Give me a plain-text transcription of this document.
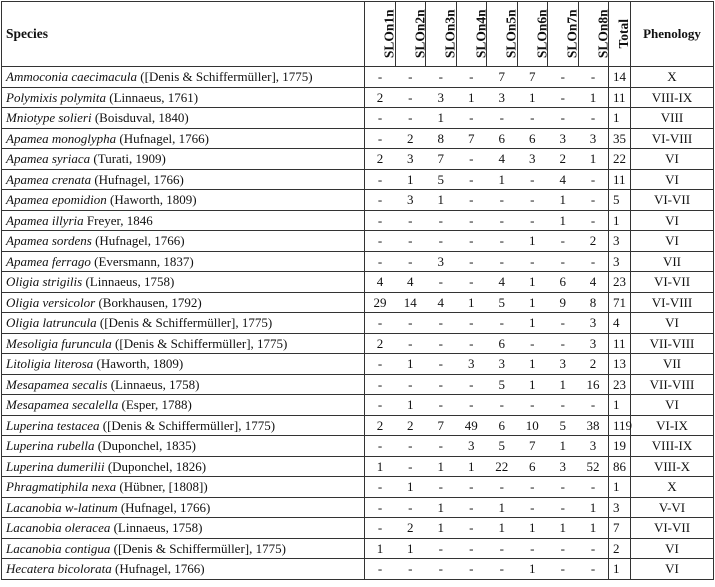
Species	SLOn1n	SLOn2n	SLOn3n	SLOn4n	SLOn5n	SLOn6n	SLOn7n	SLOn8n	Total	Phenology
Ammoconia caecimacula ([Denis & Schiffermüller], 1775)	-	-	-	-	7	7	-	-	14	X
Polymixis polymita (Linnaeus, 1761)	2	-	3	1	3	1	-	1	11	VIII-IX
Mniotype solieri (Boisduval, 1840)	-	-	1	-	-	-	-	-	1	VIII
Apamea monoglypha (Hufnagel, 1766)	-	2	8	7	6	6	3	3	35	VI-VIII
Apamea syriaca (Turati, 1909)	2	3	7	-	4	3	2	1	22	VI
Apamea crenata (Hufnagel, 1766)	-	1	5	-	1	-	4	-	11	VI
Apamea epomidion (Haworth, 1809)	-	3	1	-	-	-	1	-	5	VI-VII
Apamea illyria Freyer, 1846	-	-	-	-	-	-	1	-	1	VI
Apamea sordens (Hufnagel, 1766)	-	-	-	-	-	1	-	2	3	VI
Apamea ferrago (Eversmann, 1837)	-	-	3	-	-	-	-	-	3	VII
Oligia strigilis (Linnaeus, 1758)	4	4	-	-	4	1	6	4	23	VI-VII
Oligia versicolor (Borkhausen, 1792)	29	14	4	1	5	1	9	8	71	VI-VIII
Oligia latruncula ([Denis & Schiffermüller], 1775)	-	-	-	-	-	1	-	3	4	VI
Mesoligia furuncula ([Denis & Schiffermüller], 1775)	2	-	-	-	6	-	-	3	11	VII-VIII
Litoligia literosa (Haworth, 1809)	-	1	-	3	3	1	3	2	13	VII
Mesapamea secalis (Linnaeus, 1758)	-	-	-	-	5	1	1	16	23	VII-VIII
Mesapamea secalella (Esper, 1788)	-	1	-	-	-	-	-	-	1	VI
Luperina testacea ([Denis & Schiffermüller], 1775)	2	2	7	49	6	10	5	38	119	VI-IX
Luperina rubella (Duponchel, 1835)	-	-	-	3	5	7	1	3	19	VIII-IX
Luperina dumerilii (Duponchel, 1826)	1	-	1	1	22	6	3	52	86	VIII-X
Phragmatiphila nexa (Hübner, [1808])	-	1	-	-	-	-	-	-	1	X
Lacanobia w-latinum (Hufnagel, 1766)	-	-	1	-	1	-	-	1	3	V-VI
Lacanobia oleracea (Linnaeus, 1758)	-	2	1	-	1	1	1	1	7	VI-VII
Lacanobia contigua ([Denis & Schiffermüller], 1775)	1	1	-	-	-	-	-	-	2	VI
Hecatera bicolorata (Hufnagel, 1766)	-	-	-	-	-	1	-	-	1	VI
